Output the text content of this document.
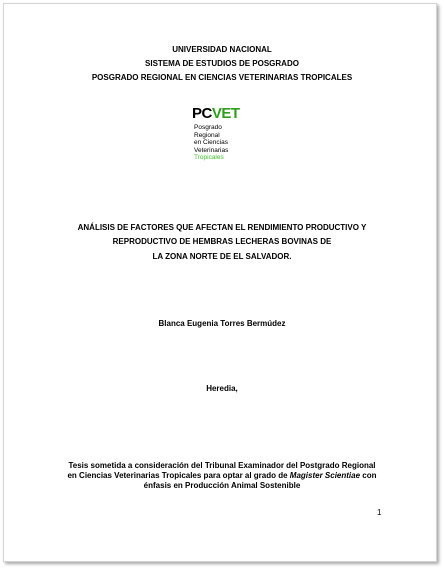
UNIVERSIDAD NACIONAL
SISTEMA DE ESTUDIOS DE POSGRADO
POSGRADO REGIONAL EN CIENCIAS VETERINARIAS TROPICALES
PCVET
Posgrado
Regional
en Ciencias
Veterinarias
Tropicales
ANÁLISIS DE FACTORES QUE AFECTAN EL RENDIMIENTO PRODUCTIVO Y
REPRODUCTIVO DE HEMBRAS LECHERAS BOVINAS DE
LA ZONA NORTE DE EL SALVADOR.
Blanca Eugenia Torres Bermúdez
Heredia,
Tesis sometida a consideración del Tribunal Examinador del Postgrado Regional
en Ciencias Veterinarias Tropicales para optar al grado de Magister Scientiae con
énfasis en Producción Animal Sostenible
1
